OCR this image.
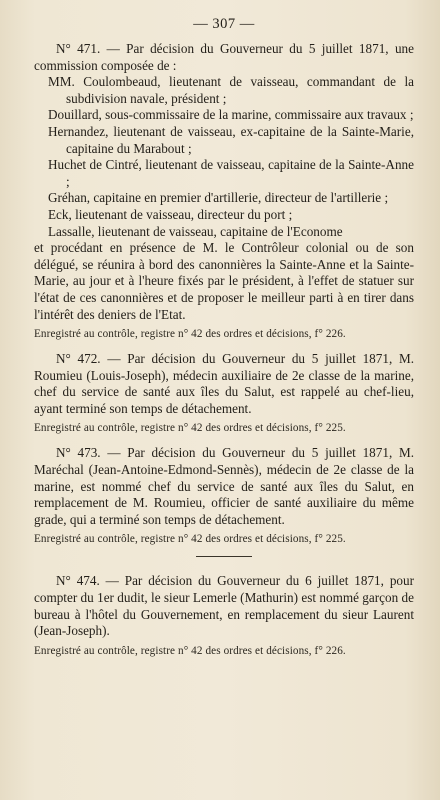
— 307 —

N° 471. — Par décision du Gouverneur du 5 juillet 1871, une commission composée de :

MM. Coulombeaud, lieutenant de vaisseau, commandant de la subdivision navale, président ;
Douillard, sous-commissaire de la marine, commissaire aux travaux ;
Hernandez, lieutenant de vaisseau, ex-capitaine de la Sainte-Marie, capitaine du Marabout ;
Huchet de Cintré, lieutenant de vaisseau, capitaine de la Sainte-Anne ;
Gréhan, capitaine en premier d'artillerie, directeur de l'artillerie ;
Eck, lieutenant de vaisseau, directeur du port ;
Lassalle, lieutenant de vaisseau, capitaine de l'Econome

et procédant en présence de M. le Contrôleur colonial ou de son délégué, se réunira à bord des canonnières la Sainte-Anne et la Sainte-Marie, au jour et à l'heure fixés par le président, à l'effet de statuer sur l'état de ces canonnières et de proposer le meilleur parti à en tirer dans l'intérêt des deniers de l'Etat.

Enregistré au contrôle, registre n° 42 des ordres et décisions, f° 226.

N° 472. — Par décision du Gouverneur du 5 juillet 1871, M. Roumieu (Louis-Joseph), médecin auxiliaire de 2e classe de la marine, chef du service de santé aux îles du Salut, est rappelé au chef-lieu, ayant terminé son temps de détachement.

Enregistré au contrôle, registre n° 42 des ordres et décisions, f° 225.

N° 473. — Par décision du Gouverneur du 5 juillet 1871, M. Maréchal (Jean-Antoine-Edmond-Sennès), médecin de 2e classe de la marine, est nommé chef du service de santé aux îles du Salut, en remplacement de M. Roumieu, officier de santé auxiliaire du même grade, qui a terminé son temps de détachement.

Enregistré au contrôle, registre n° 42 des ordres et décisions, f° 225.

N° 474. — Par décision du Gouverneur du 6 juillet 1871, pour compter du 1er dudit, le sieur Lemerle (Mathurin) est nommé garçon de bureau à l'hôtel du Gouvernement, en remplacement du sieur Laurent (Jean-Joseph).

Enregistré au contrôle, registre n° 42 des ordres et décisions, f° 226.
